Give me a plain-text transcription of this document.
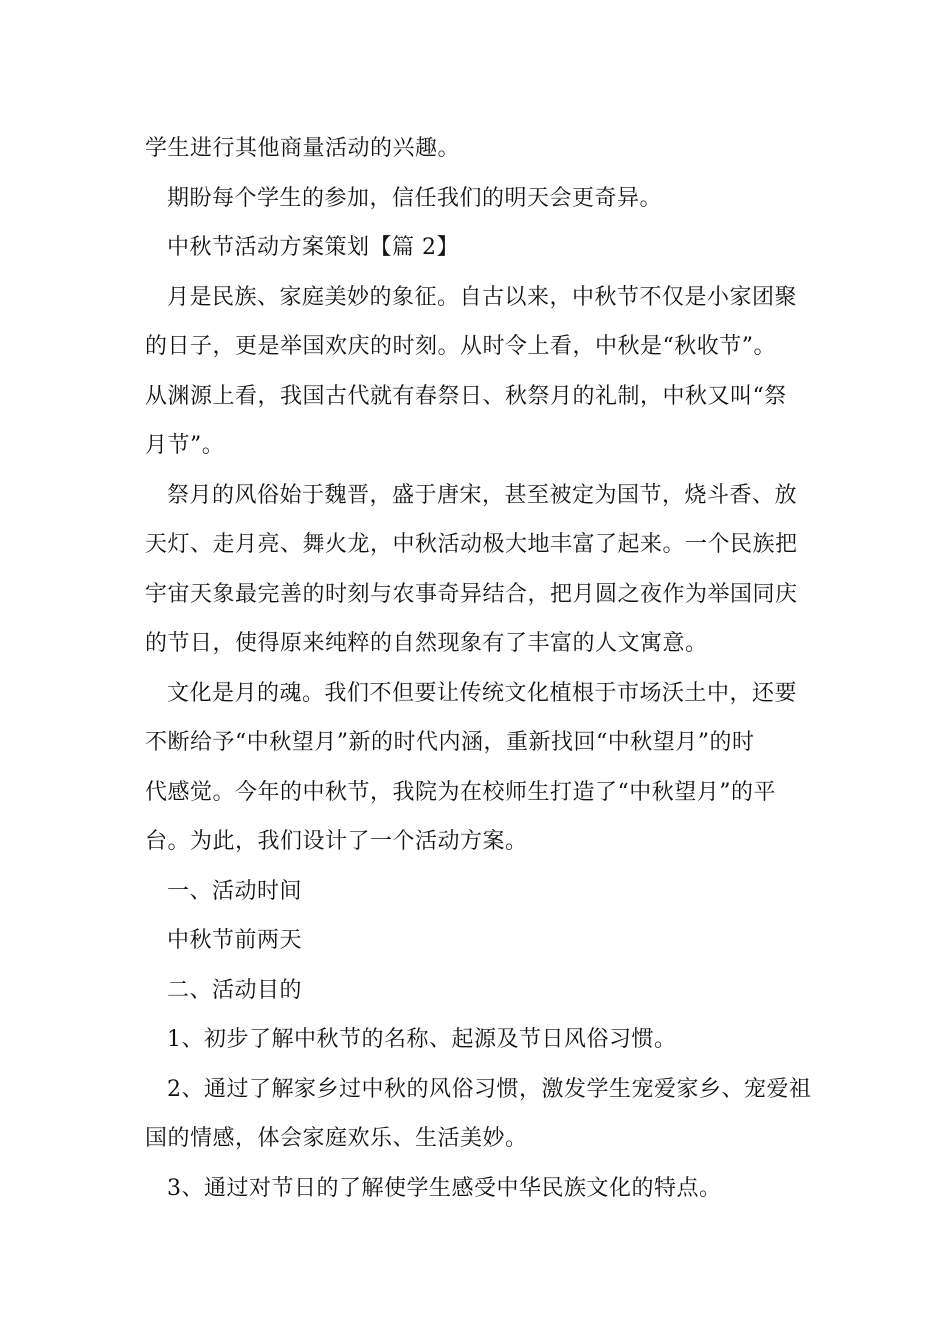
学生进行其他商量活动的兴趣。
期盼每个学生的参加，信任我们的明天会更奇异。
中秋节活动方案策划【篇 2】
月是民族、家庭美妙的象征。自古以来，中秋节不仅是小家团聚
的日子，更是举国欢庆的时刻。从时令上看，中秋是“秋收节”。
从渊源上看，我国古代就有春祭日、秋祭月的礼制，中秋又叫“祭
月节”。
祭月的风俗始于魏晋，盛于唐宋，甚至被定为国节，烧斗香、放
天灯、走月亮、舞火龙，中秋活动极大地丰富了起来。一个民族把
宇宙天象最完善的时刻与农事奇异结合，把月圆之夜作为举国同庆
的节日，使得原来纯粹的自然现象有了丰富的人文寓意。
文化是月的魂。我们不但要让传统文化植根于市场沃土中，还要
不断给予“中秋望月”新的时代内涵，重新找回“中秋望月”的时
代感觉。今年的中秋节，我院为在校师生打造了“中秋望月”的平
台。为此，我们设计了一个活动方案。
一、活动时间
中秋节前两天
二、活动目的
1、初步了解中秋节的名称、起源及节日风俗习惯。
2、通过了解家乡过中秋的风俗习惯，激发学生宠爱家乡、宠爱祖
国的情感，体会家庭欢乐、生活美妙。
3、通过对节日的了解使学生感受中华民族文化的特点。
